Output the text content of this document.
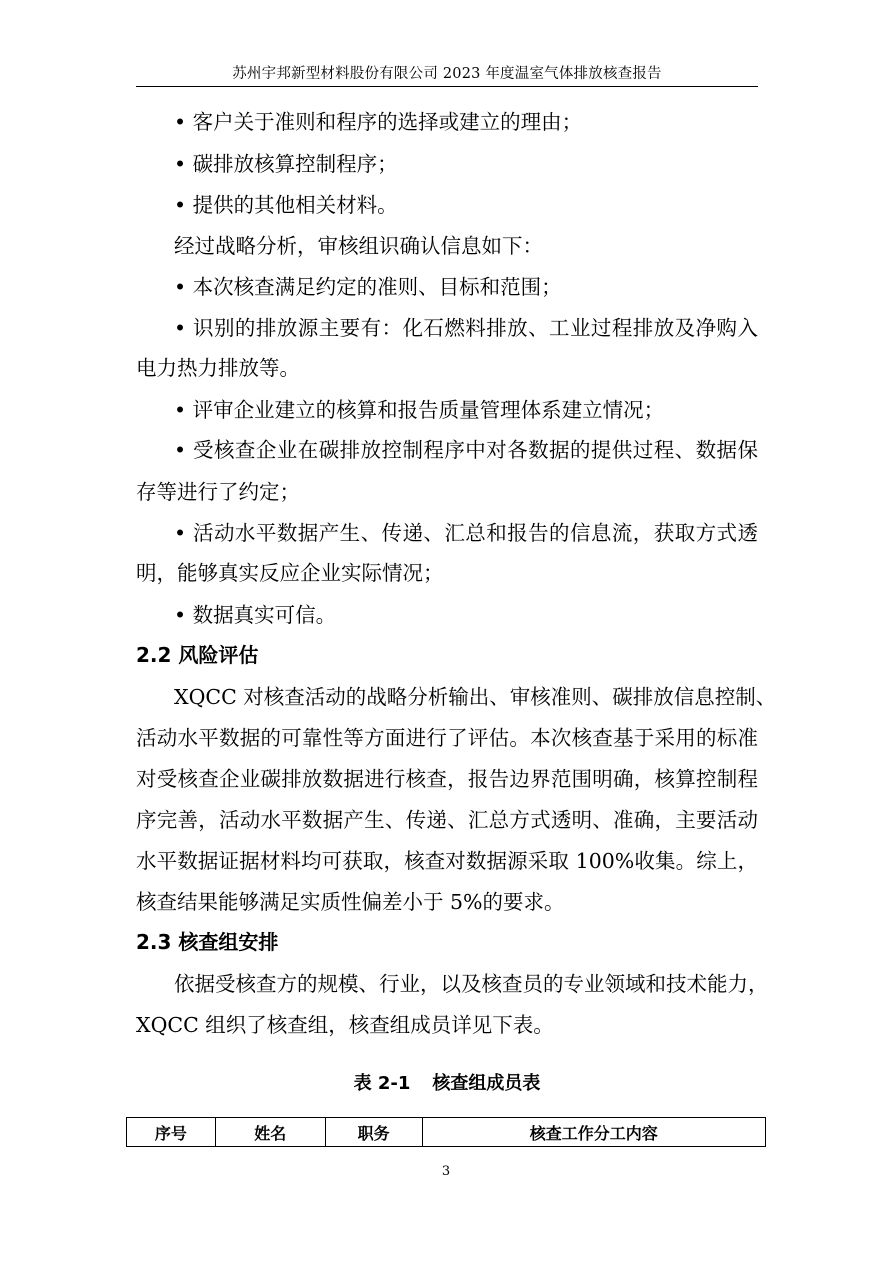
苏州宇邦新型材料股份有限公司 2023 年度温室气体排放核查报告
• 客户关于准则和程序的选择或建立的理由；
• 碳排放核算控制程序；
• 提供的其他相关材料。
经过战略分析，审核组识确认信息如下：
• 本次核查满足约定的准则、目标和范围；
• 识别的排放源主要有：化石燃料排放、工业过程排放及净购入
电力热力排放等。
• 评审企业建立的核算和报告质量管理体系建立情况；
• 受核查企业在碳排放控制程序中对各数据的提供过程、数据保
存等进行了约定；
• 活动水平数据产生、传递、汇总和报告的信息流，获取方式透
明，能够真实反应企业实际情况；
• 数据真实可信。
2.2 风险评估
XQCC 对核查活动的战略分析输出、审核准则、碳排放信息控制、
活动水平数据的可靠性等方面进行了评估。本次核查基于采用的标准
对受核查企业碳排放数据进行核查，报告边界范围明确，核算控制程
序完善，活动水平数据产生、传递、汇总方式透明、准确，主要活动
水平数据证据材料均可获取，核查对数据源采取 100%收集。综上，
核查结果能够满足实质性偏差小于 5%的要求。
2.3 核查组安排
依据受核查方的规模、行业，以及核查员的专业领域和技术能力，
XQCC 组织了核查组，核查组成员详见下表。
表 2-1 核查组成员表
序号	姓名	职务	核查工作分工内容
3
